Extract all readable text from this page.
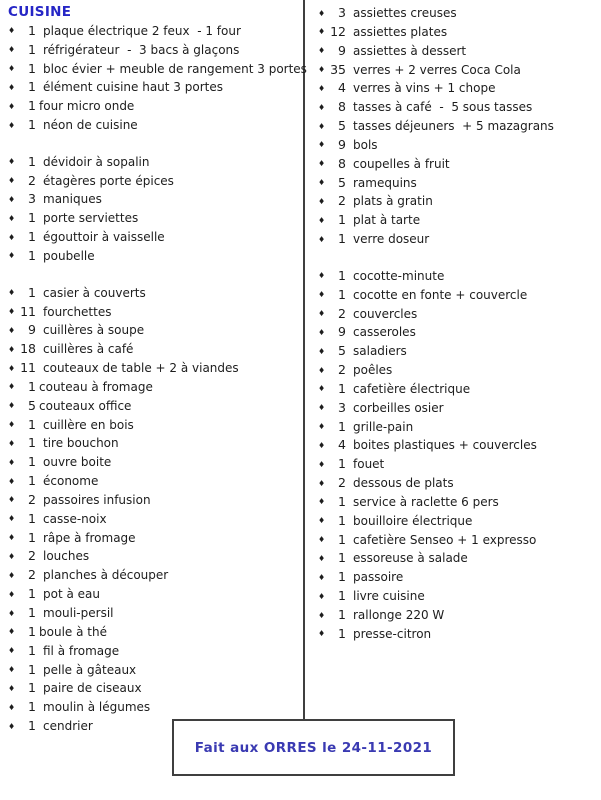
CUISINE
♦	1 plaque électrique 2 feux  - 1 four
♦	1 réfrigérateur  -  3 bacs à glaçons
♦	1 bloc évier + meuble de rangement 3 portes
♦	1 élément cuisine haut 3 portes
♦	1 four micro onde
♦	1 néon de cuisine
♦	1 dévidoir à sopalin
♦	2 étagères porte épices
♦	3 maniques
♦	1 porte serviettes
♦	1 égouttoir à vaisselle
♦	1 poubelle
♦	1 casier à couverts
♦ 11 fourchettes
♦	9 cuillères à soupe
♦ 18 cuillères à café
♦ 11 couteaux de table + 2 à viandes
♦	1 couteau à fromage
♦	5 couteaux office
♦	1 cuillère en bois
♦	1 tire bouchon
♦	1 ouvre boite
♦	1 économe
♦	2 passoires infusion
♦	1 casse-noix
♦	1 râpe à fromage
♦	2 louches
♦	2 planches à découper
♦	1 pot à eau
♦	1 mouli-persil
♦	1 boule à thé
♦	1 fil à fromage
♦	1 pelle à gâteaux
♦	1 paire de ciseaux
♦	1 moulin à légumes
♦	1 cendrier
♦	3 assiettes creuses
♦ 12 assiettes plates
♦	9 assiettes à dessert
♦ 35 verres + 2 verres Coca Cola
♦	4 verres à vins + 1 chope
♦	8 tasses à café  -  5 sous tasses
♦	5 tasses déjeuners  + 5 mazagrans
♦	9 bols
♦	8 coupelles à fruit
♦	5 ramequins
♦	2 plats à gratin
♦	1 plat à tarte
♦	1 verre doseur
♦	1 cocotte-minute
♦	1 cocotte en fonte + couvercle
♦	2 couvercles
♦	9 casseroles
♦	5 saladiers
♦	2 poêles
♦	1 cafetière électrique
♦	3 corbeilles osier
♦	1 grille-pain
♦	4 boites plastiques + couvercles
♦	1 fouet
♦	2 dessous de plats
♦	1 service à raclette 6 pers
♦	1 bouilloire électrique
♦	1 cafetière Senseo + 1 expresso
♦	1 essoreuse à salade
♦	1 passoire
♦	1 livre cuisine
♦	1 rallonge 220 W
♦	1 presse-citron
Fait aux ORRES le 24-11-2021
